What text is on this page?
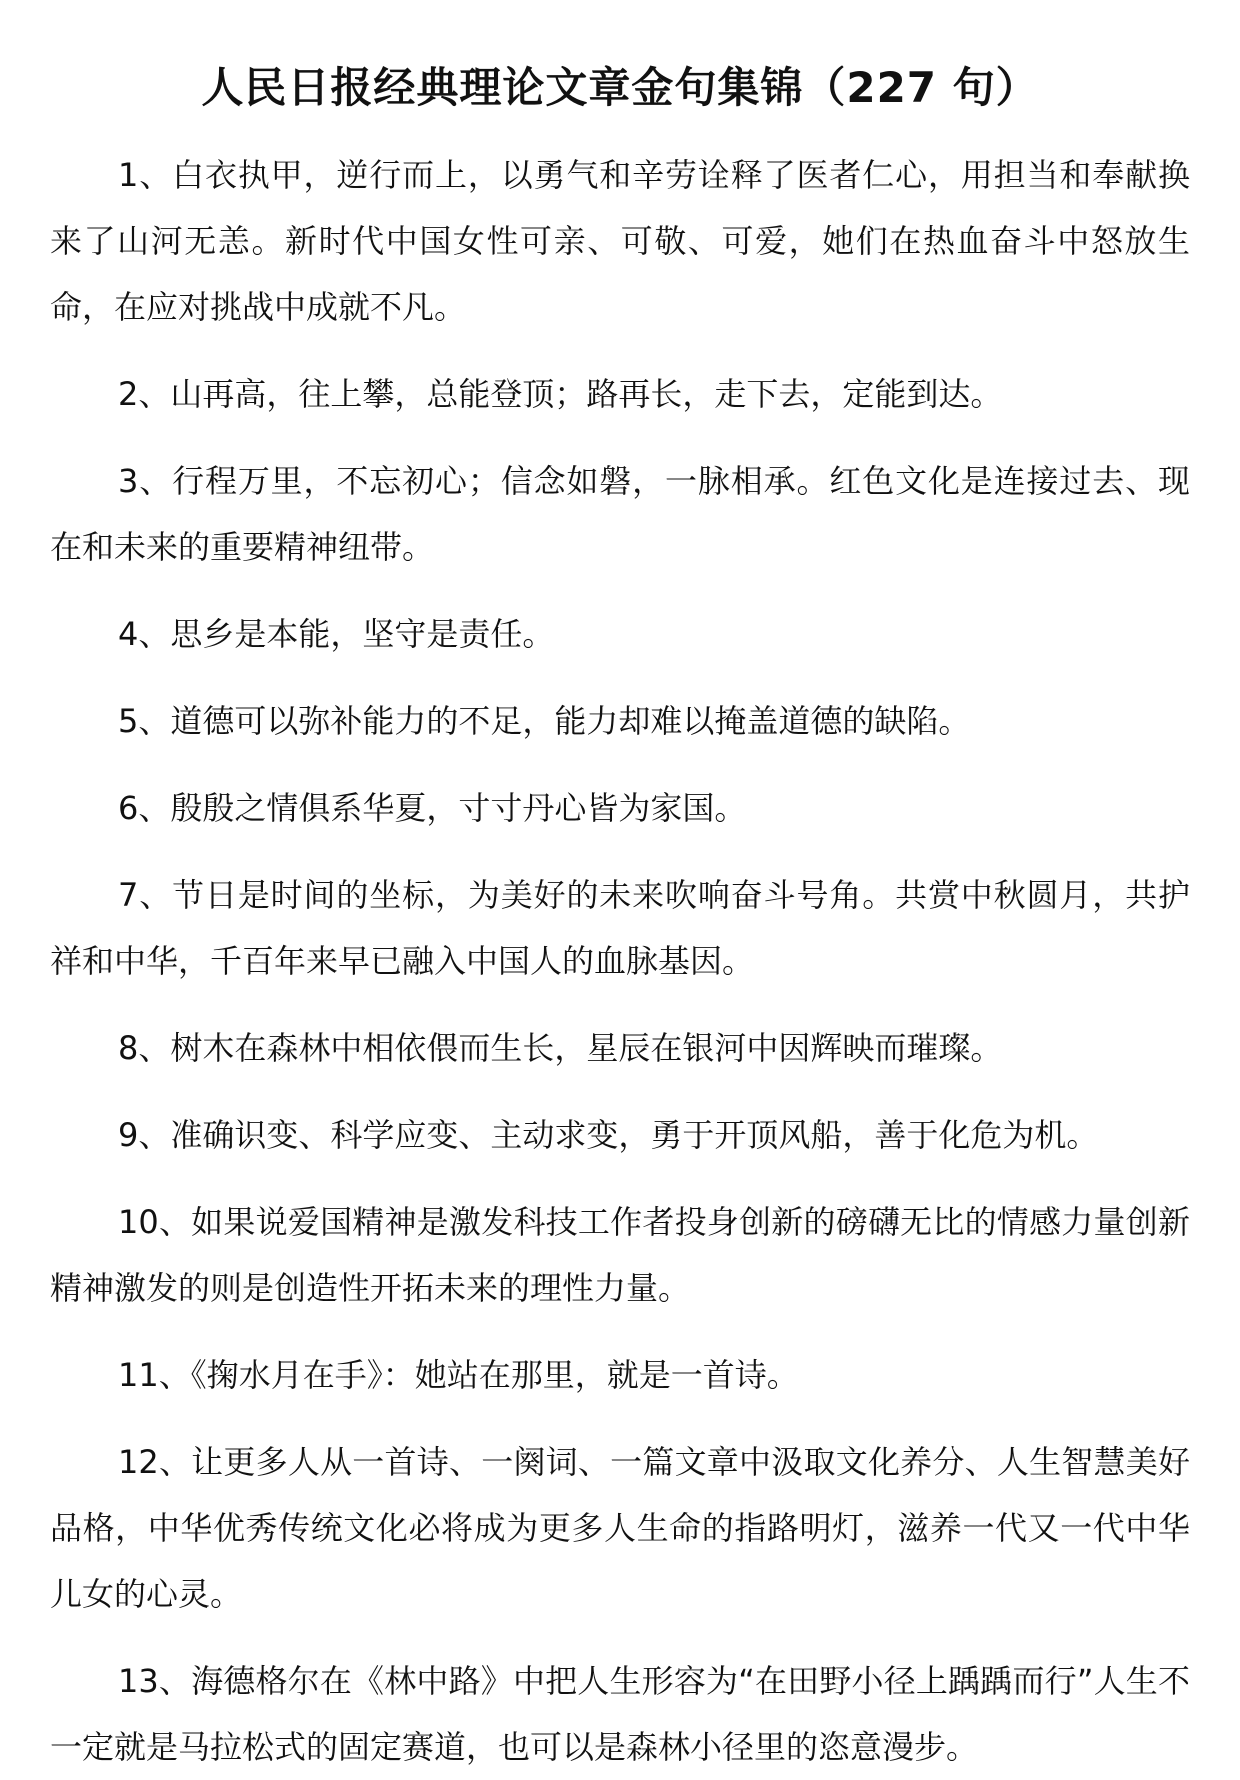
人民日报经典理论文章金句集锦（227 句）

1、白衣执甲，逆行而上，以勇气和辛劳诠释了医者仁心，用担当和奉献换来了山河无恙。新时代中国女性可亲、可敬、可爱，她们在热血奋斗中怒放生命，在应对挑战中成就不凡。

2、山再高，往上攀，总能登顶；路再长，走下去，定能到达。

3、行程万里，不忘初心；信念如磐，一脉相承。红色文化是连接过去、现在和未来的重要精神纽带。

4、思乡是本能，坚守是责任。

5、道德可以弥补能力的不足，能力却难以掩盖道德的缺陷。

6、殷殷之情俱系华夏，寸寸丹心皆为家国。

7、节日是时间的坐标，为美好的未来吹响奋斗号角。共赏中秋圆月，共护祥和中华，千百年来早已融入中国人的血脉基因。

8、树木在森林中相依偎而生长，星辰在银河中因辉映而璀璨。

9、准确识变、科学应变、主动求变，勇于开顶风船，善于化危为机。

10、如果说爱国精神是激发科技工作者投身创新的磅礴无比的情感力量创新精神激发的则是创造性开拓未来的理性力量。

11、《掬水月在手》：她站在那里，就是一首诗。

12、让更多人从一首诗、一阕词、一篇文章中汲取文化养分、人生智慧美好品格，中华优秀传统文化必将成为更多人生命的指路明灯，滋养一代又一代中华儿女的心灵。

13、海德格尔在《林中路》中把人生形容为“在田野小径上踽踽而行”人生不一定就是马拉松式的固定赛道，也可以是森林小径里的恣意漫步。
